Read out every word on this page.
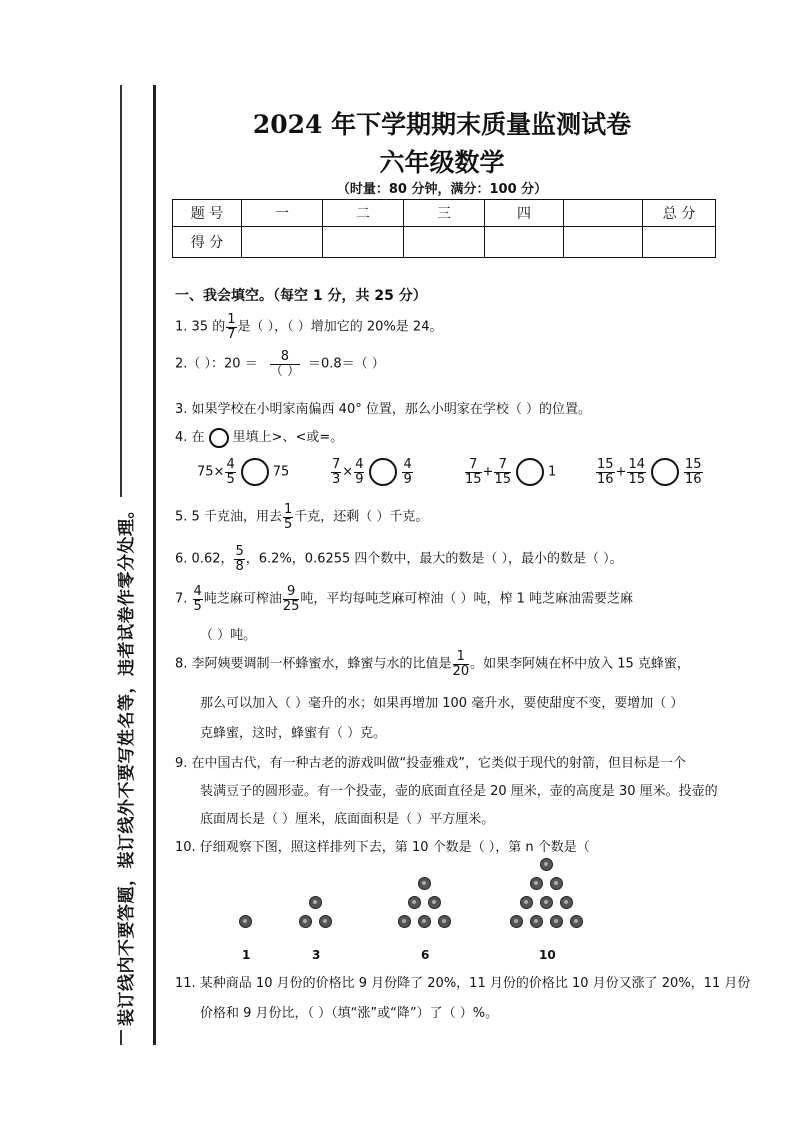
装订线内不要答题，装订线外不要写姓名等，违者试卷作零分处理。
2024 年下学期期末质量监测试卷
六年级数学
（时量：80 分钟，满分：100 分）
题 号	一	二	三	四		总 分
得 分						
一、我会填空。（每空 1 分，共 25 分）
1. 35 的 $\frac{1}{7}$ 是（ ），（ ）增加它的 20%是 24。
2.（ ）：$20 = \frac{8}{( )} =0.8=$（ ）
3. 如果学校在小明家南偏西 40° 位置，那么小明家在学校（ ）的位置。
4. 在 里填上>、<或=。
$75\times \frac{4}{5}$	75	$\frac{7}{3} \times \frac{4}{9}$	$\frac{4}{9}$	$\frac{7}{15} + \frac{7}{15}$	1	$\frac{15}{16} + \frac{14}{15}$	$\frac{15}{16}$
5. 5 千克油，用去 $\frac{1}{5}$ 千克，还剩（ ）千克。
6. 0.62， $\frac{5}{8}$ ，6.2%，0.6255 四个数中，最大的数是（ ），最小的数是（ ）。
7. $\frac{4}{5}$ 吨芝麻可榨油 $\frac{9}{25}$ 吨，平均每吨芝麻可榨油（ ）吨，榨 1 吨芝麻油需要芝麻
（ ）吨。
8. 李阿姨要调制一杯蜂蜜水，蜂蜜与水的比值是 $\frac{1}{20}$ 。如果李阿姨在杯中放入 15 克蜂蜜，
那么可以加入（ ）毫升的水；如果再增加 100 毫升水，要使甜度不变，要增加（ ）
克蜂蜜，这时，蜂蜜有（ ）克。
9. 在中国古代，有一种古老的游戏叫做“投壶雅戏”，它类似于现代的射箭，但目标是一个
装满豆子的圆形壶。有一个投壶，壶的底面直径是 20 厘米，壶的高度是 30 厘米。投壶的
底面周长是（ ）厘米，底面面积是（ ）平方厘米。
10. 仔细观察下图，照这样排列下去，第 10 个数是（ ），第 n 个数是（
1	3	6	10
11. 某种商品 10 月份的价格比 9 月份降了 20%，11 月份的价格比 10 月份又涨了 20%，11 月份
价格和 9 月份比，（ ）（填“涨”或“降”）了（ ）%。
